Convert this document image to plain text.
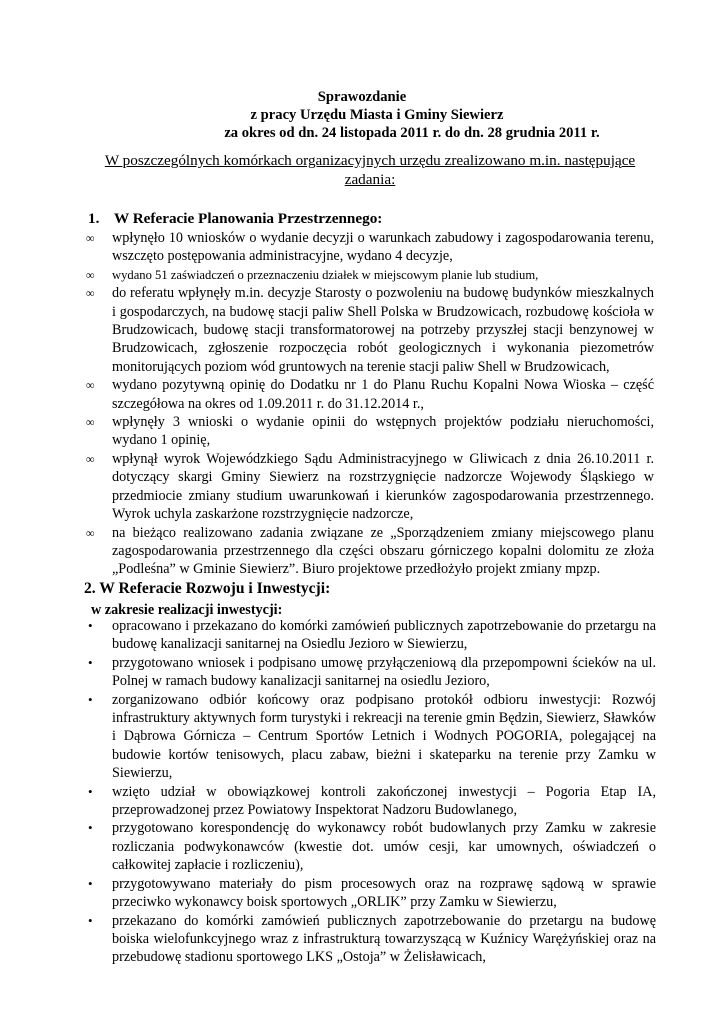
Sprawozdanie
z pracy Urzędu Miasta i Gminy Siewierz
za okres od dn. 24 listopada 2011 r. do dn. 28 grudnia 2011 r.
W poszczególnych komórkach organizacyjnych urzędu zrealizowano m.in. następujące zadania:
1. W Referacie Planowania Przestrzennego:
∞ wpłynęło 10 wniosków o wydanie decyzji o warunkach zabudowy i zagospodarowania terenu, wszczęto postępowania administracyjne, wydano 4 decyzje,
∞ wydano 51 zaświadczeń o przeznaczeniu działek w miejscowym planie lub studium,
∞ do referatu wpłynęły m.in. decyzje Starosty o pozwoleniu na budowę budynków mieszkalnych i gospodarczych, na budowę stacji paliw Shell Polska w Brudzowicach, rozbudowę kościoła w Brudzowicach, budowę stacji transformatorowej na potrzeby przyszłej stacji benzynowej w Brudzowicach, zgłoszenie rozpoczęcia robót geologicznych i wykonania piezometrów monitorujących poziom wód gruntowych na terenie stacji paliw Shell w Brudzowicach,
∞ wydano pozytywną opinię do Dodatku nr 1 do Planu Ruchu Kopalni Nowa Wioska – część szczegółowa na okres od 1.09.2011 r. do 31.12.2014 r.,
∞ wpłynęły 3 wnioski o wydanie opinii do wstępnych projektów podziału nieruchomości, wydano 1 opinię,
∞ wpłynął wyrok Wojewódzkiego Sądu Administracyjnego w Gliwicach z dnia 26.10.2011 r. dotyczący skargi Gminy Siewierz na rozstrzygnięcie nadzorcze Wojewody Śląskiego w przedmiocie zmiany studium uwarunkowań i kierunków zagospodarowania przestrzennego. Wyrok uchyla zaskarżone rozstrzygnięcie nadzorcze,
∞ na bieżąco realizowano zadania związane ze „Sporządzeniem zmiany miejscowego planu zagospodarowania przestrzennego dla części obszaru górniczego kopalni dolomitu ze złoża „Podleśna” w Gminie Siewierz”. Biuro projektowe przedłożyło projekt zmiany mpzp.
2. W Referacie Rozwoju i Inwestycji:
w zakresie realizacji inwestycji:
• opracowano i przekazano do komórki zamówień publicznych zapotrzebowanie do przetargu na budowę kanalizacji sanitarnej na Osiedlu Jezioro w Siewierzu,
• przygotowano wniosek i podpisano umowę przyłączeniową dla przepompowni ścieków na ul. Polnej w ramach budowy kanalizacji sanitarnej na osiedlu Jezioro,
• zorganizowano odbiór końcowy oraz podpisano protokół odbioru inwestycji: Rozwój infrastruktury aktywnych form turystyki i rekreacji na terenie gmin Będzin, Siewierz, Sławków i Dąbrowa Górnicza – Centrum Sportów Letnich i Wodnych POGORIA, polegającej na budowie kortów tenisowych, placu zabaw, bieżni i skateparku na terenie przy Zamku w Siewierzu,
• wzięto udział w obowiązkowej kontroli zakończonej inwestycji – Pogoria Etap IA, przeprowadzonej przez Powiatowy Inspektorat Nadzoru Budowlanego,
• przygotowano korespondencję do wykonawcy robót budowlanych przy Zamku w zakresie rozliczania podwykonawców (kwestie dot. umów cesji, kar umownych, oświadczeń o całkowitej zapłacie i rozliczeniu),
• przygotowywano materiały do pism procesowych oraz na rozprawę sądową w sprawie przeciwko wykonawcy boisk sportowych „ORLIK” przy Zamku w Siewierzu,
• przekazano do komórki zamówień publicznych zapotrzebowanie do przetargu na budowę boiska wielofunkcyjnego wraz z infrastrukturą towarzyszącą w Kuźnicy Warężyńskiej oraz na przebudowę stadionu sportowego LKS „Ostoja” w Żelisławicach,
